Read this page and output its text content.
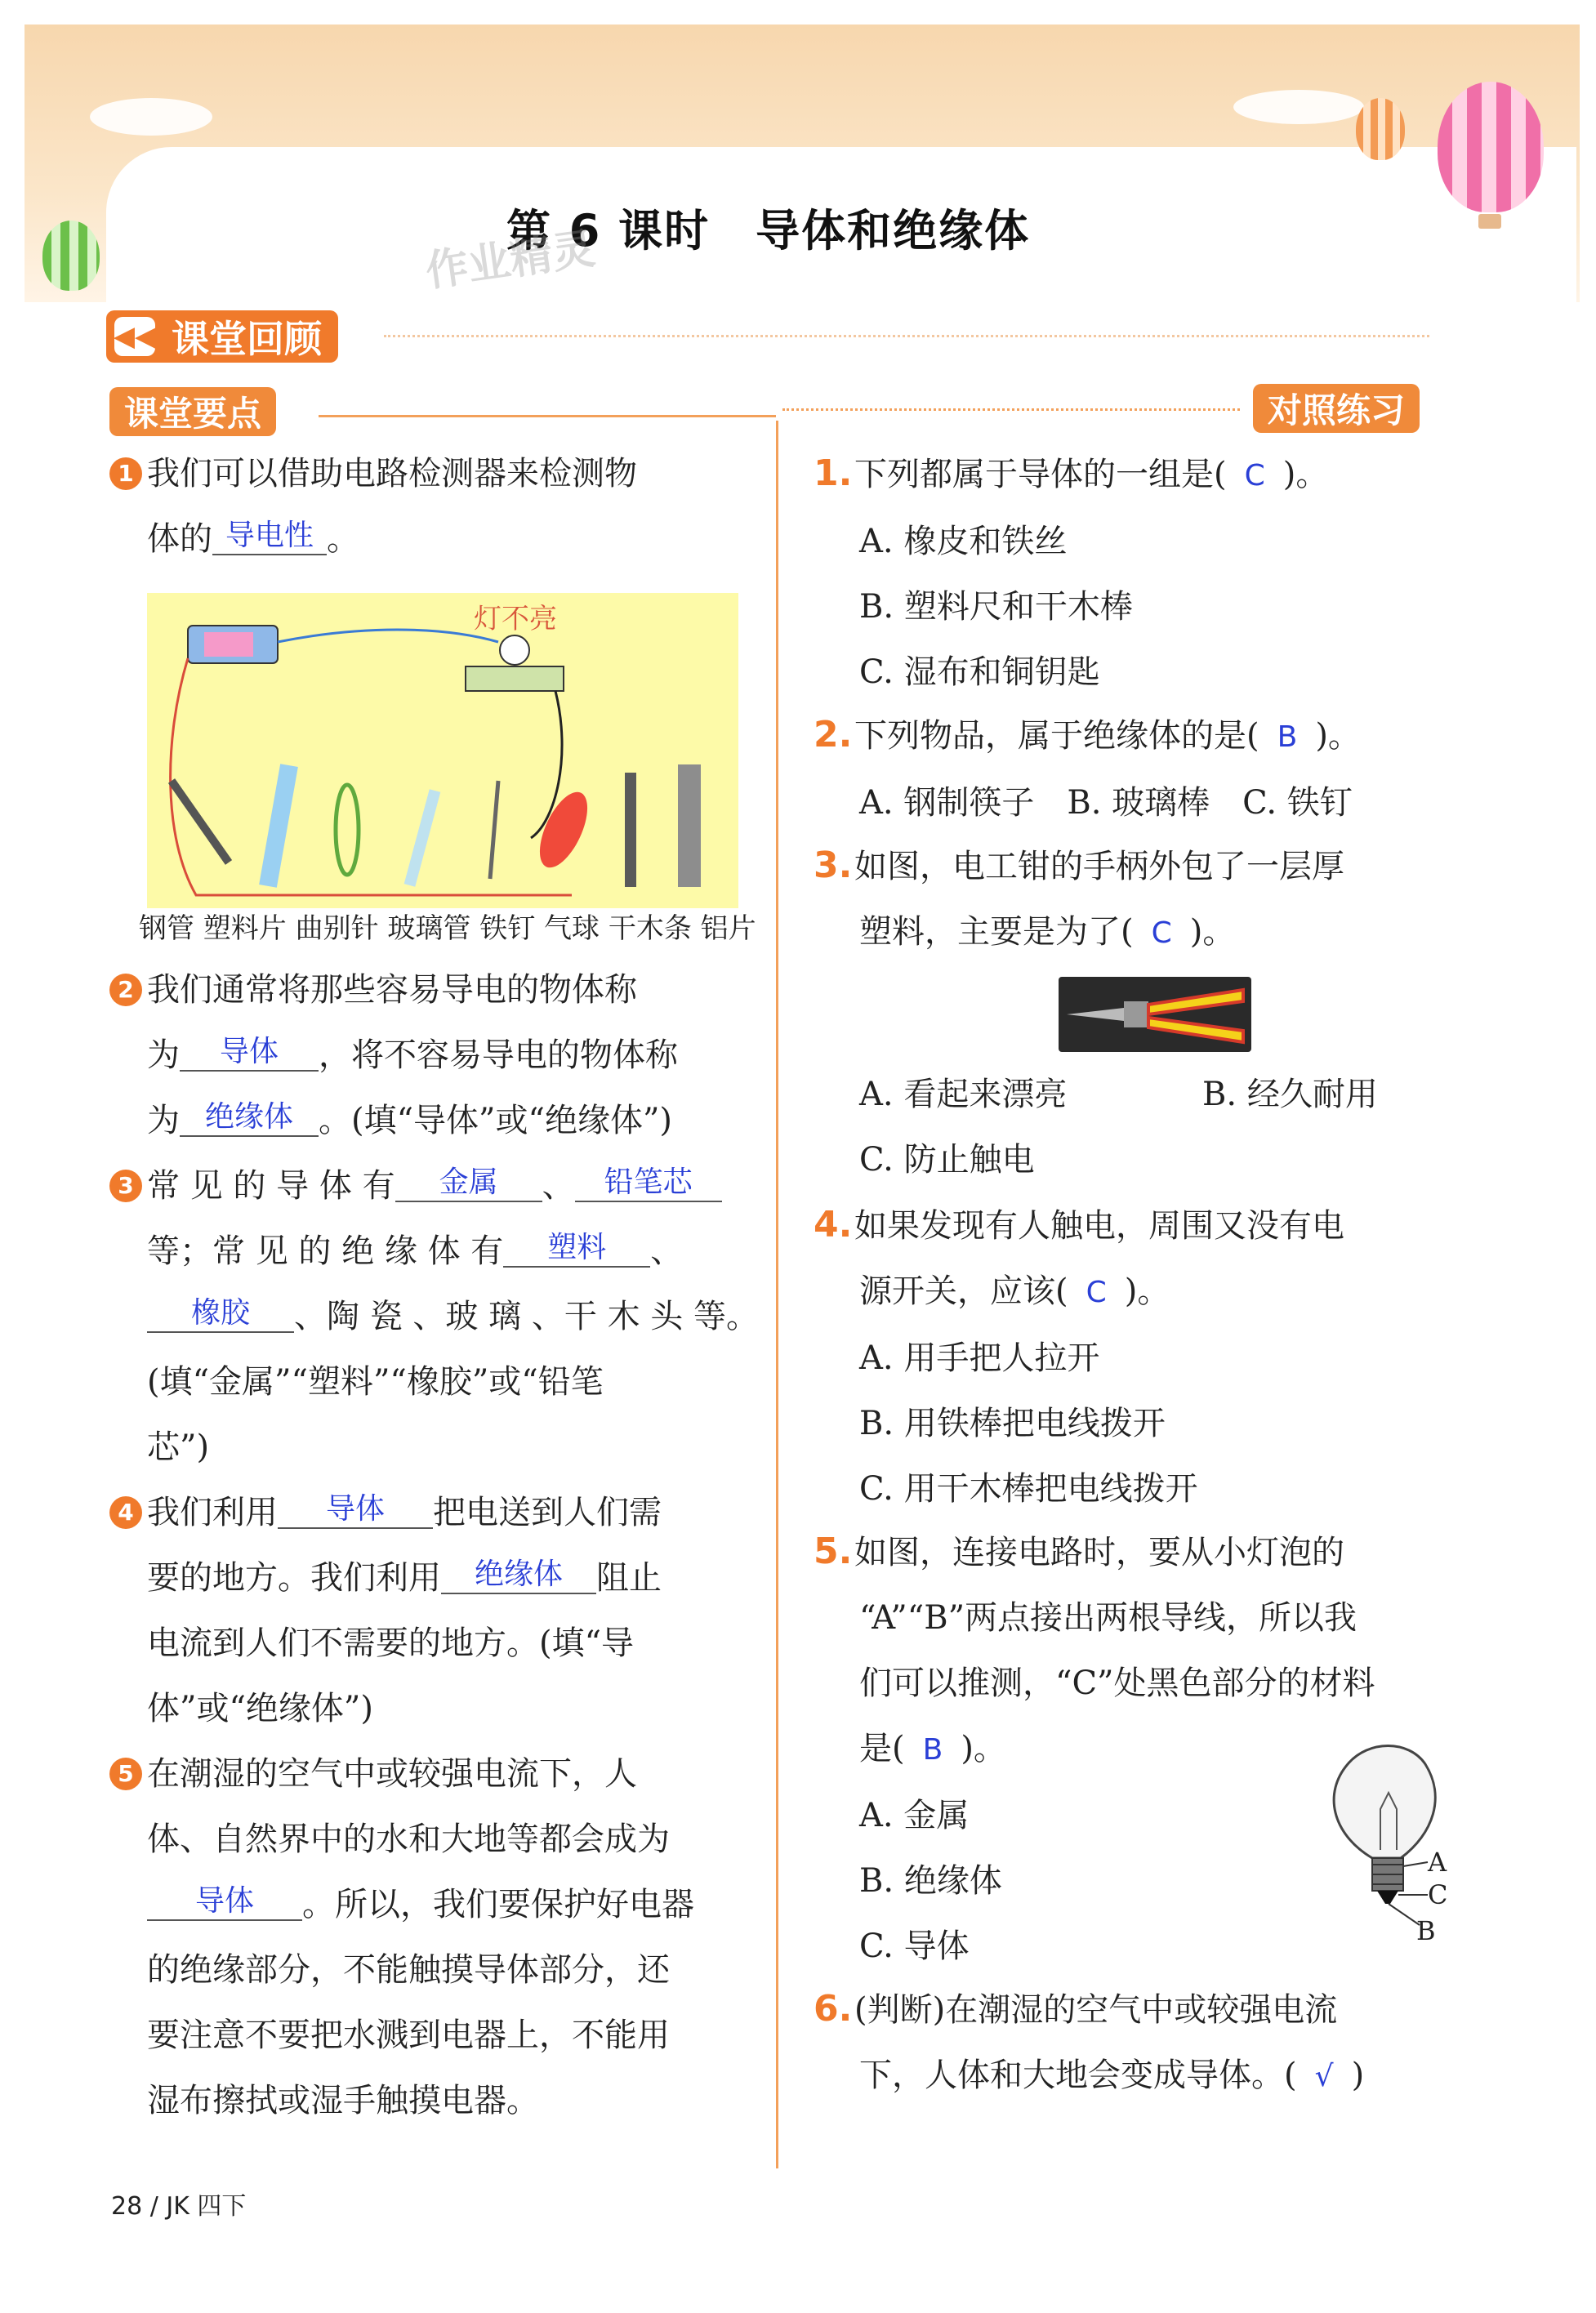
第 6 课时　导体和绝缘体
作业精灵
◀◀ 课堂回顾
课堂要点	对照练习
1 我们可以借助电路检测器来检测物
体的 导电性 。
灯不亮
钢管 塑料片 曲别针 玻璃管 铁钉 气球 干木条 铝片
2 我们通常将那些容易导电的物体称
为 导体 ，将不容易导电的物体称
为 绝缘体 。(填“导体”或“绝缘体”)
3 常 见 的 导 体 有 金属 、 铅笔芯
等；常 见 的 绝 缘 体 有 塑料 、
橡胶 、陶 瓷 、玻 璃 、干 木 头 等。
(填“金属”“塑料”“橡胶”或“铅笔
芯”)
4 我们利用 导体 把电送到人们需
要的地方。我们利用 绝缘体 阻止
电流到人们不需要的地方。(填“导
体”或“绝缘体”)
5 在潮湿的空气中或较强电流下，人
体、自然界中的水和大地等都会成为
导体 。所以，我们要保护好电器
的绝缘部分，不能触摸导体部分，还
要注意不要把水溅到电器上，不能用
湿布擦拭或湿手触摸电器。
1.下列都属于导体的一组是( C )。
A. 橡皮和铁丝
B. 塑料尺和干木棒
C. 湿布和铜钥匙
2.下列物品，属于绝缘体的是( B )。
A. 钢制筷子　B. 玻璃棒　C. 铁钉
3.如图，电工钳的手柄外包了一层厚
塑料，主要是为了( C )。
A. 看起来漂亮	B. 经久耐用
C. 防止触电
4.如果发现有人触电，周围又没有电
源开关，应该( C )。
A. 用手把人拉开
B. 用铁棒把电线拨开
C. 用干木棒把电线拨开
5.如图，连接电路时，要从小灯泡的
“A”“B”两点接出两根导线，所以我
们可以推测，“C”处黑色部分的材料
是( B )。
A. 金属
B. 绝缘体
C. 导体
A
C
B
6.(判断)在潮湿的空气中或较强电流
下，人体和大地会变成导体。( √ )
28 / JK 四下
